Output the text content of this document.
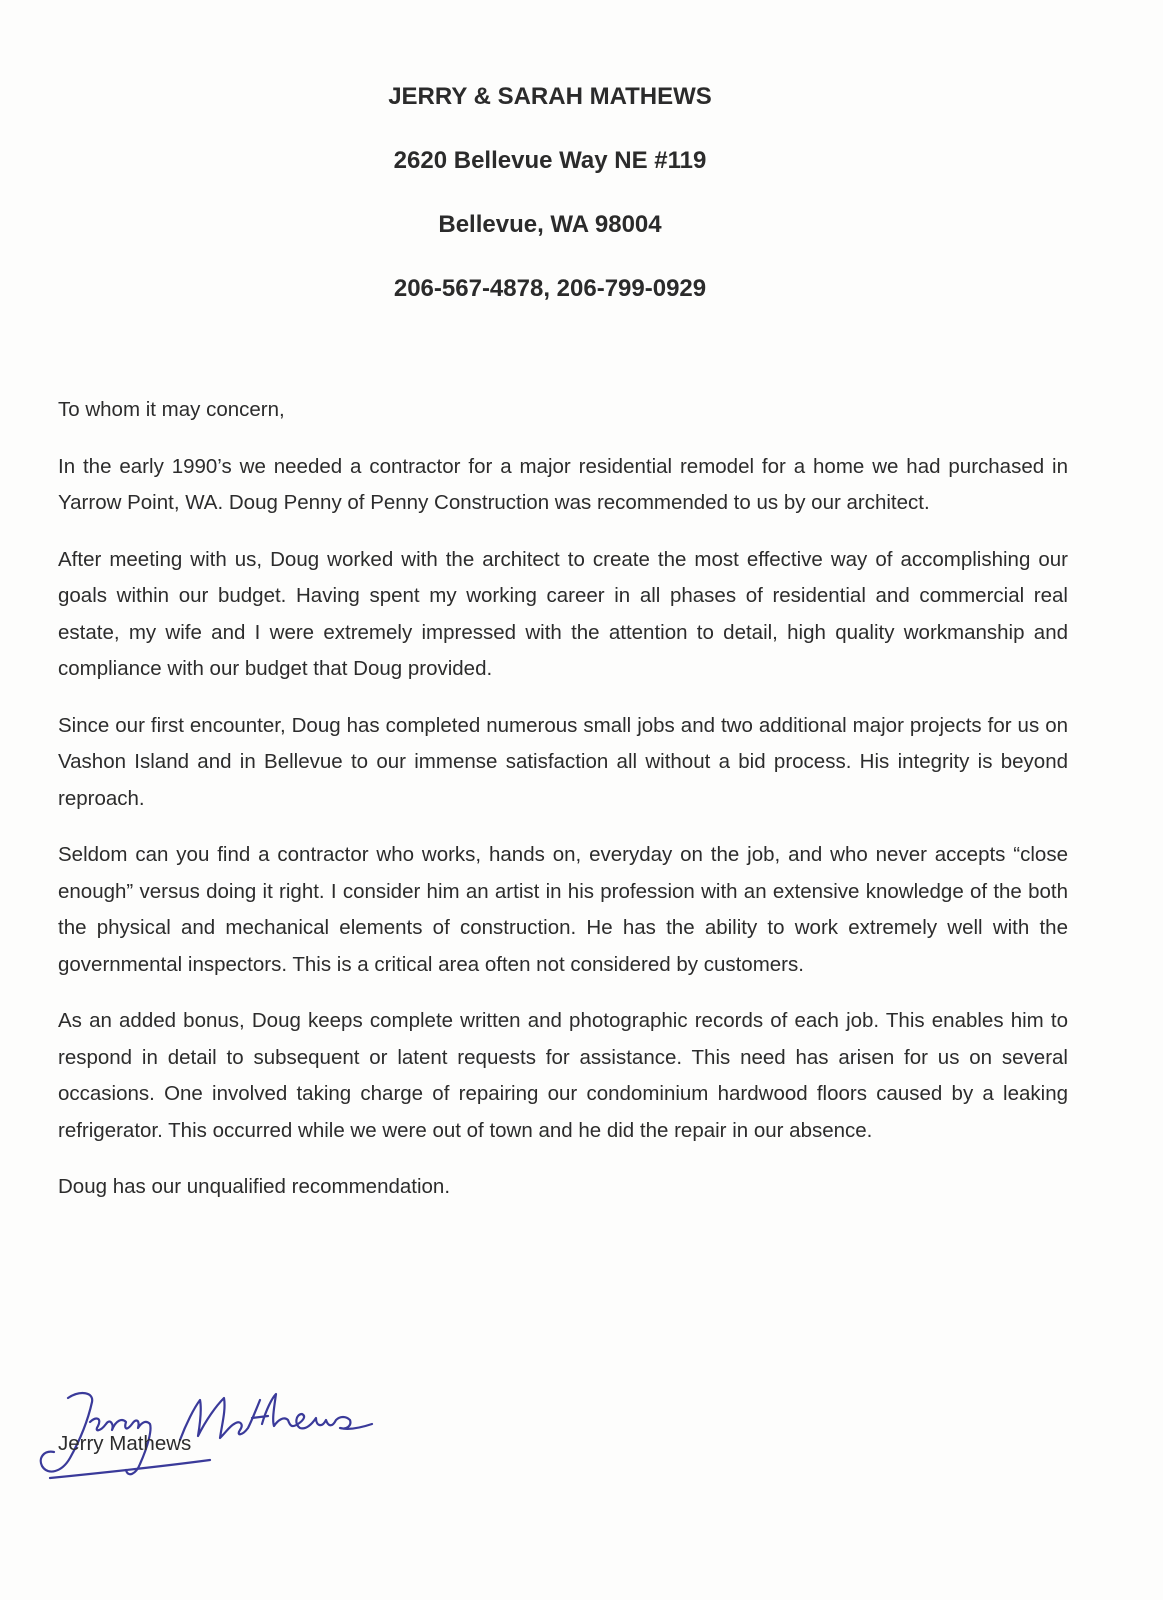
JERRY & SARAH MATHEWS
2620 Bellevue Way NE #119
Bellevue, WA 98004
206-567-4878, 206-799-0929

To whom it may concern,

In the early 1990’s we needed a contractor for a major residential remodel for a home we had purchased in Yarrow Point, WA. Doug Penny of Penny Construction was recommended to us by our architect.

After meeting with us, Doug worked with the architect to create the most effective way of accomplishing our goals within our budget. Having spent my working career in all phases of residential and commercial real estate, my wife and I were extremely impressed with the attention to detail, high quality workmanship and compliance with our budget that Doug provided.

Since our first encounter, Doug has completed numerous small jobs and two additional major projects for us on Vashon Island and in Bellevue to our immense satisfaction all without a bid process. His integrity is beyond reproach.

Seldom can you find a contractor who works, hands on, everyday on the job, and who never accepts “close enough” versus doing it right. I consider him an artist in his profession with an extensive knowledge of the both the physical and mechanical elements of construction. He has the ability to work extremely well with the governmental inspectors. This is a critical area often not considered by customers.

As an added bonus, Doug keeps complete written and photographic records of each job. This enables him to respond in detail to subsequent or latent requests for assistance. This need has arisen for us on several occasions. One involved taking charge of repairing our condominium hardwood floors caused by a leaking refrigerator. This occurred while we were out of town and he did the repair in our absence.

Doug has our unqualified recommendation.

Jerry Mathews
